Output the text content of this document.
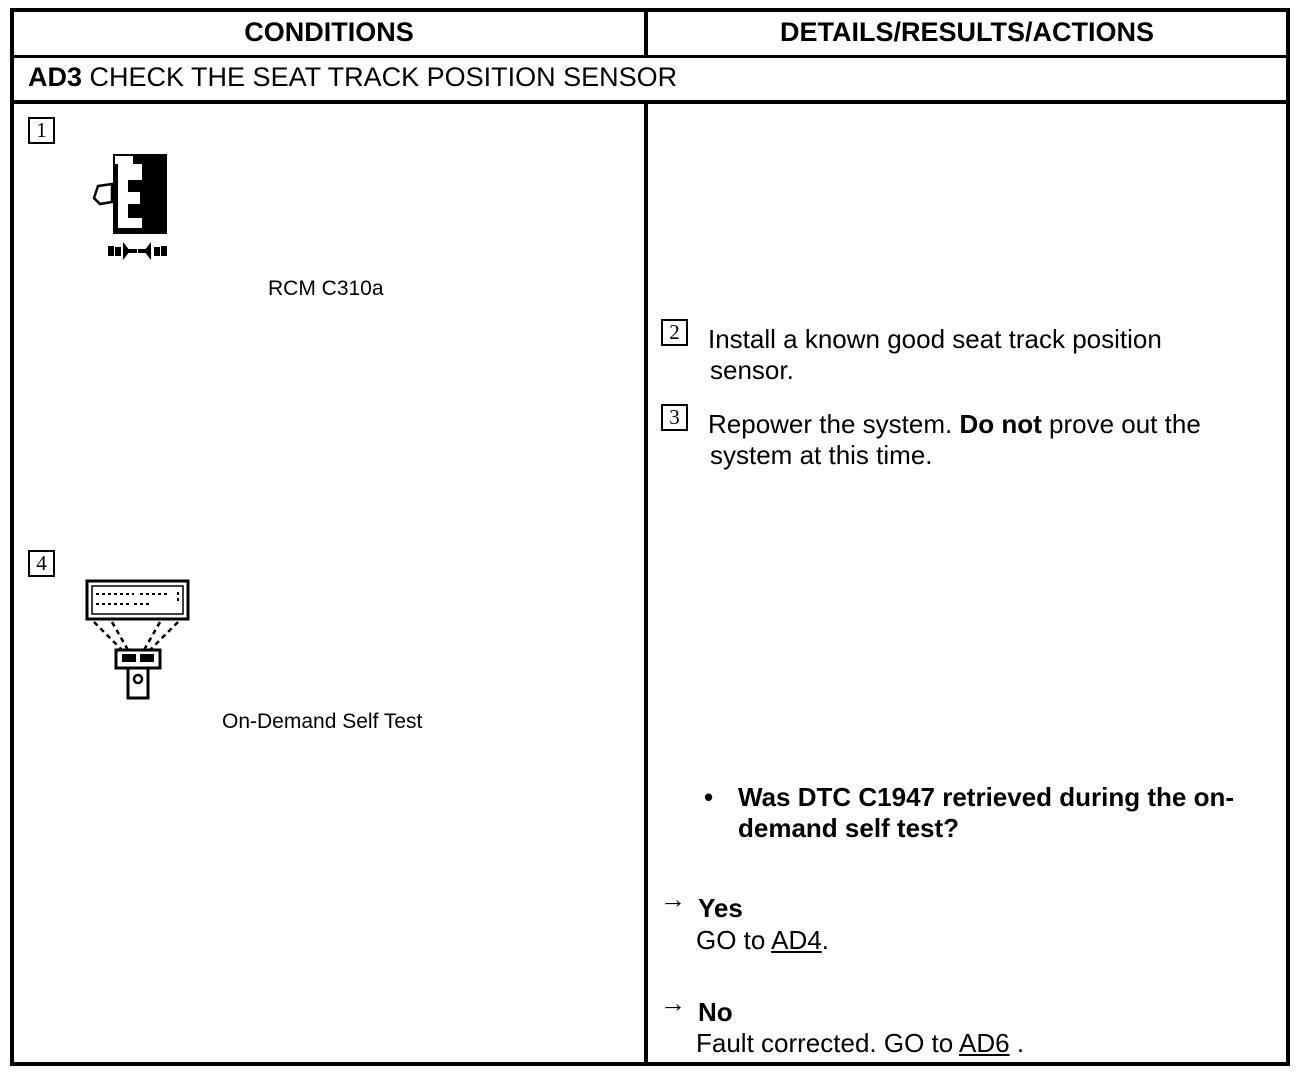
CONDITIONS	DETAILS/RESULTS/ACTIONS
AD3 CHECK THE SEAT TRACK POSITION SENSOR
1
RCM C310a
4
On-Demand Self Test
2	Install a known good seat track position
sensor.
3	Repower the system. Do not prove out the
system at this time.
• Was DTC C1947 retrieved during the on-
demand self test?
→ Yes
GO to AD4.
→ No
Fault corrected. GO to AD6 .
